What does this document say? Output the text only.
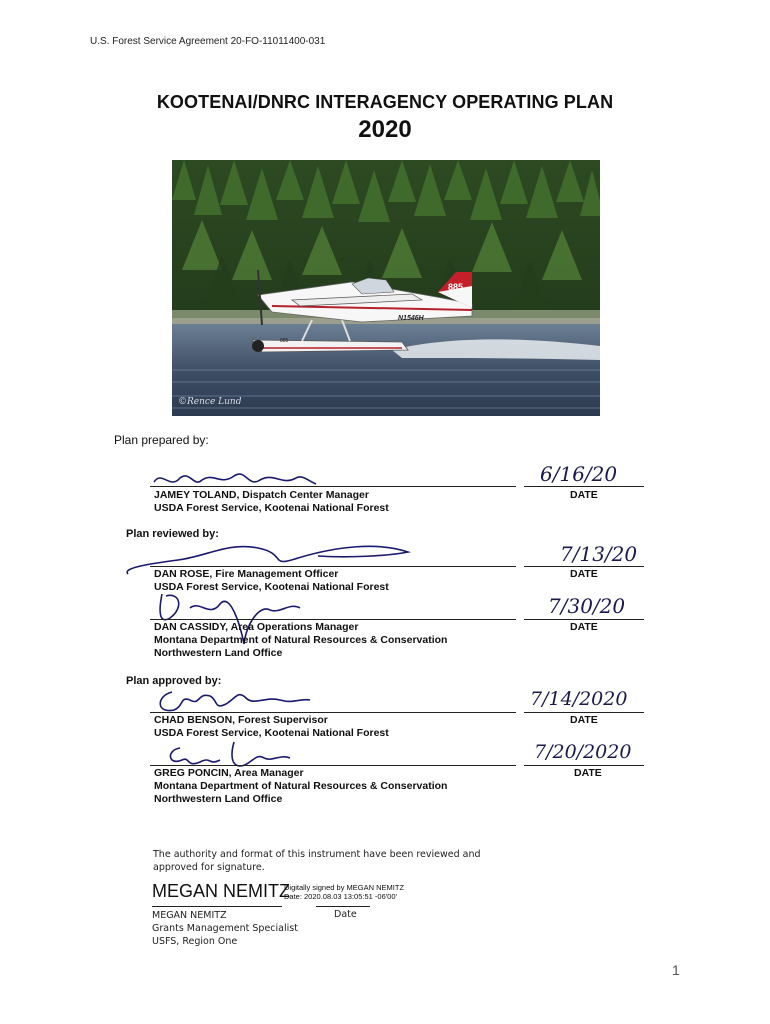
U.S. Forest Service Agreement 20-FO-11011400-031
KOOTENAI/DNRC INTERAGENCY OPERATING PLAN
2020
885
N1546H
885
©Rence Lund
Plan prepared by:
JAMEY TOLAND, Dispatch Center Manager
USDA Forest Service, Kootenai National Forest
6/16/20
DATE
Plan reviewed by:
DAN ROSE, Fire Management Officer
USDA Forest Service, Kootenai National Forest
7/13/20
DATE
DAN CASSIDY, Area Operations Manager
Montana Department of Natural Resources & Conservation
Northwestern Land Office
7/30/20
DATE
Plan approved by:
CHAD BENSON, Forest Supervisor
USDA Forest Service, Kootenai National Forest
7/14/2020
DATE
GREG PONCIN, Area Manager
Montana Department of Natural Resources & Conservation
Northwestern Land Office
7/20/2020
DATE
The authority and format of this instrument have been reviewed and approved for signature.
MEGAN NEMITZ
Digitally signed by MEGAN NEMITZ
Date: 2020.08.03 13:05:51 -06'00'
MEGAN NEMITZ
Grants Management Specialist
USFS, Region One
Date
1
